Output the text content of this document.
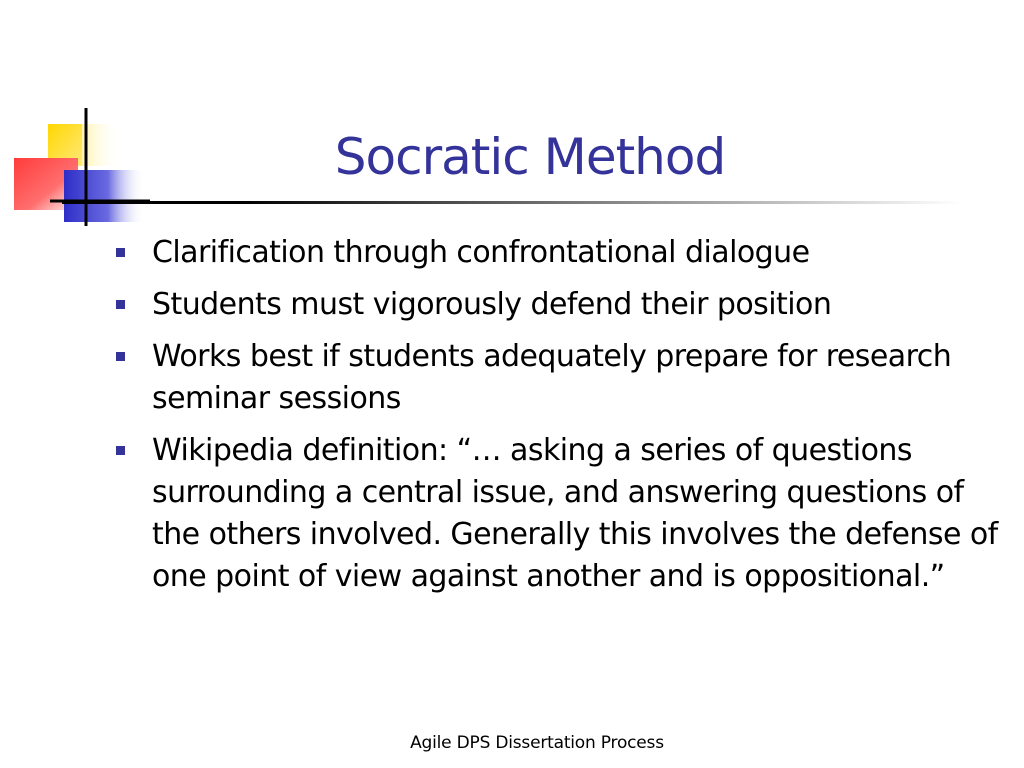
Socratic Method
Clarification through confrontational dialogue
Students must vigorously defend their position
Works best if students adequately prepare for research seminar sessions
Wikipedia definition: “… asking a series of questions surrounding a central issue, and answering questions of the others involved. Generally this involves the defense of one point of view against another and is oppositional.”
Agile DPS Dissertation Process
